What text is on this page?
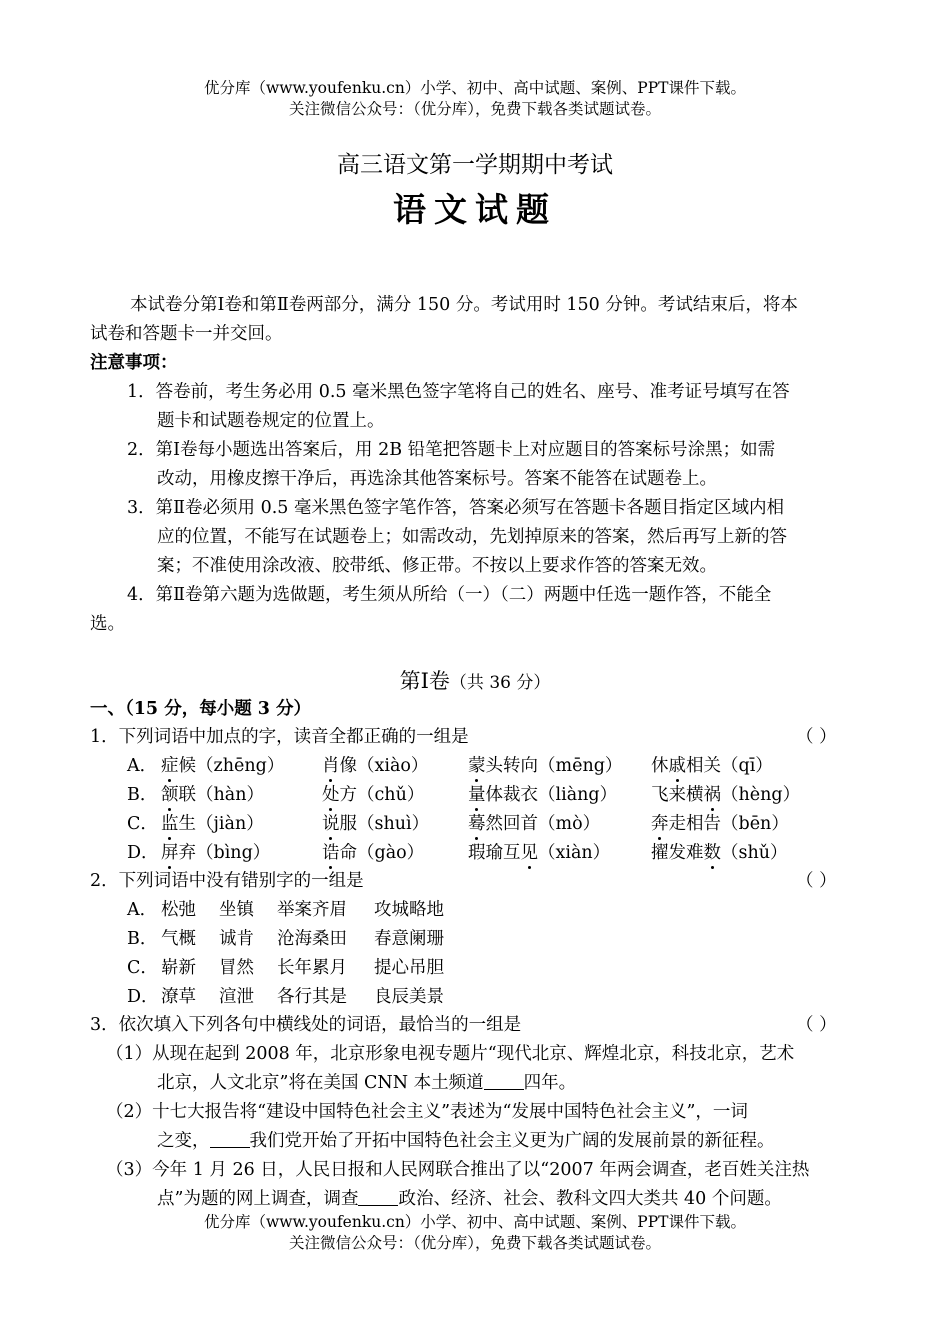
优分库（www.youfenku.cn）小学、初中、高中试题、案例、PPT课件下载。
关注微信公众号：（优分库），免费下载各类试题试卷。
高三语文第一学期期中考试
语文试题
本试卷分第Ⅰ卷和第Ⅱ卷两部分，满分 150 分。考试用时 150 分钟。考试结束后，将本
试卷和答题卡一并交回。
注意事项：
1．答卷前，考生务必用 0.5 毫米黑色签字笔将自己的姓名、座号、准考证号填写在答
题卡和试题卷规定的位置上。
2．第Ⅰ卷每小题选出答案后，用 2B 铅笔把答题卡上对应题目的答案标号涂黑；如需
改动，用橡皮擦干净后，再选涂其他答案标号。答案不能答在试题卷上。
3．第Ⅱ卷必须用 0.5 毫米黑色签字笔作答，答案必须写在答题卡各题目指定区域内相
应的位置，不能写在试题卷上；如需改动，先划掉原来的答案，然后再写上新的答
案；不准使用涂改液、胶带纸、修正带。不按以上要求作答的答案无效。
4．第Ⅱ卷第六题为选做题，考生须从所给（一）（二）两题中任选一题作答，不能全
选。
第Ⅰ卷（共 36 分）
一、（15 分，每小题 3 分）
1．下列词语中加点的字，读音全都正确的一组是	（ ）
A． 症候（zhēng） 肖像（xiào） 蒙头转向（mēng） 休戚相关（qī）
B． 颔联（hàn）	处方（chǔ） 量体裁衣（liàng） 飞来横祸（hèng）
C． 监生（jiàn）	说服（shuì） 蓦然回首（mò）	奔走相告（bēn）
D． 屏弃（bìng）	诰命（gào）	瑕瑜互见（xiàn） 擢发难数（shǔ）
2．下列词语中没有错别字的一组是	（ ）
A． 松弛 坐镇 举案齐眉 攻城略地
B． 气概 诚肯 沧海桑田 春意阑珊
C． 崭新 冒然 长年累月 提心吊胆
D． 潦草 渲泄 各行其是 良辰美景
3．依次填入下列各句中横线处的词语，最恰当的一组是	（ ）
（1）从现在起到 2008 年，北京形象电视专题片“现代北京、辉煌北京，科技北京，艺术
北京，人文北京”将在美国 CNN 本土频道 四年。
（2）十七大报告将“建设中国特色社会主义”表述为“发展中国特色社会主义”，一词
之变， 我们党开始了开拓中国特色社会主义更为广阔的发展前景的新征程。
（3）今年 1 月 26 日，人民日报和人民网联合推出了以“2007 年两会调查，老百姓关注热
点”为题的网上调查，调查 政治、经济、社会、教科文四大类共 40 个问题。
优分库（www.youfenku.cn）小学、初中、高中试题、案例、PPT课件下载。
关注微信公众号：（优分库），免费下载各类试题试卷。
